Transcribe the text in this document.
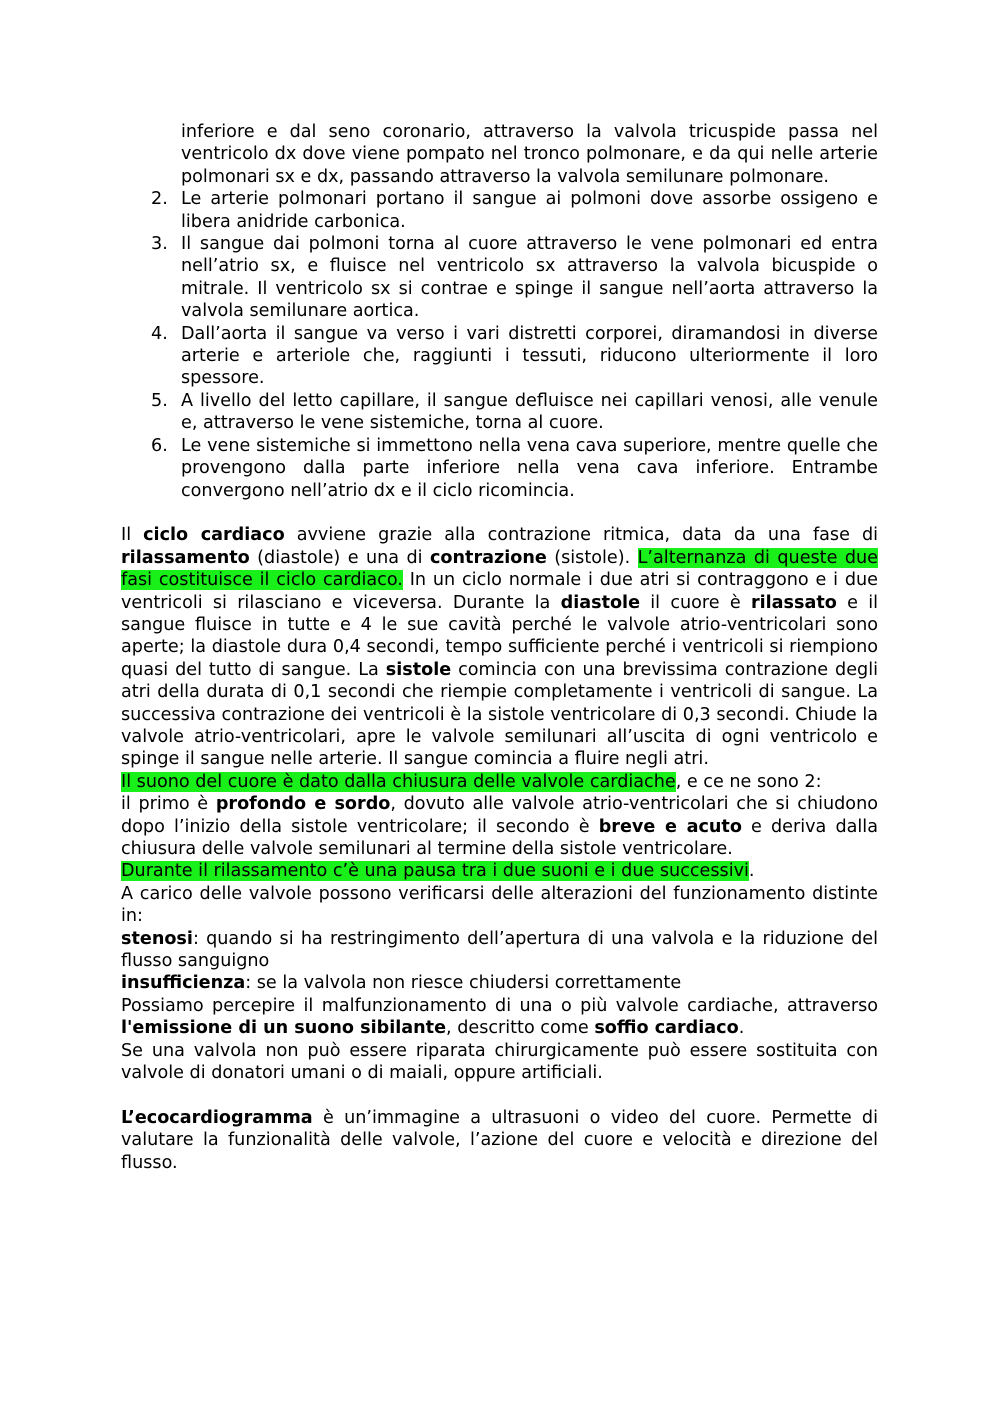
inferiore e dal seno coronario, attraverso la valvola tricuspide passa nel ventricolo dx dove viene pompato nel tronco polmonare, e da qui nelle arterie polmonari sx e dx, passando attraverso la valvola semilunare polmonare.
2. Le arterie polmonari portano il sangue ai polmoni dove assorbe ossigeno e libera anidride carbonica.
3. Il sangue dai polmoni torna al cuore attraverso le vene polmonari ed entra nell’atrio sx, e fluisce nel ventricolo sx attraverso la valvola bicuspide o mitrale. Il ventricolo sx si contrae e spinge il sangue nell’aorta attraverso la valvola semilunare aortica.
4. Dall’aorta il sangue va verso i vari distretti corporei, diramandosi in diverse arterie e arteriole che, raggiunti i tessuti, riducono ulteriormente il loro spessore.
5. A livello del letto capillare, il sangue defluisce nei capillari venosi, alle venule e, attraverso le vene sistemiche, torna al cuore.
6. Le vene sistemiche si immettono nella vena cava superiore, mentre quelle che provengono dalla parte inferiore nella vena cava inferiore. Entrambe convergono nell’atrio dx e il ciclo ricomincia.

Il ciclo cardiaco avviene grazie alla contrazione ritmica, data da una fase di rilassamento (diastole) e una di contrazione (sistole). L’alternanza di queste due fasi costituisce il ciclo cardiaco. In un ciclo normale i due atri si contraggono e i due ventricoli si rilasciano e viceversa. Durante la diastole il cuore è rilassato e il sangue fluisce in tutte e 4 le sue cavità perché le valvole atrio-ventricolari sono aperte; la diastole dura 0,4 secondi, tempo sufficiente perché i ventricoli si riempiono quasi del tutto di sangue. La sistole comincia con una brevissima contrazione degli atri della durata di 0,1 secondi che riempie completamente i ventricoli di sangue. La successiva contrazione dei ventricoli è la sistole ventricolare di 0,3 secondi. Chiude la valvole atrio-ventricolari, apre le valvole semilunari all’uscita di ogni ventricolo e spinge il sangue nelle arterie. Il sangue comincia a fluire negli atri.

Il suono del cuore è dato dalla chiusura delle valvole cardiache, e ce ne sono 2:

il primo è profondo e sordo, dovuto alle valvole atrio-ventricolari che si chiudono dopo l’inizio della sistole ventricolare; il secondo è breve e acuto e deriva dalla chiusura delle valvole semilunari al termine della sistole ventricolare.

Durante il rilassamento c’è una pausa tra i due suoni e i due successivi.

A carico delle valvole possono verificarsi delle alterazioni del funzionamento distinte in:

stenosi: quando si ha restringimento dell’apertura di una valvola e la riduzione del flusso sanguigno

insufficienza: se la valvola non riesce chiudersi correttamente

Possiamo percepire il malfunzionamento di una o più valvole cardiache, attraverso l'emissione di un suono sibilante, descritto come soffio cardiaco.

Se una valvola non può essere riparata chirurgicamente può essere sostituita con valvole di donatori umani o di maiali, oppure artificiali.

L’ecocardiogramma è un’immagine a ultrasuoni o video del cuore. Permette di valutare la funzionalità delle valvole, l’azione del cuore e velocità e direzione del flusso.
